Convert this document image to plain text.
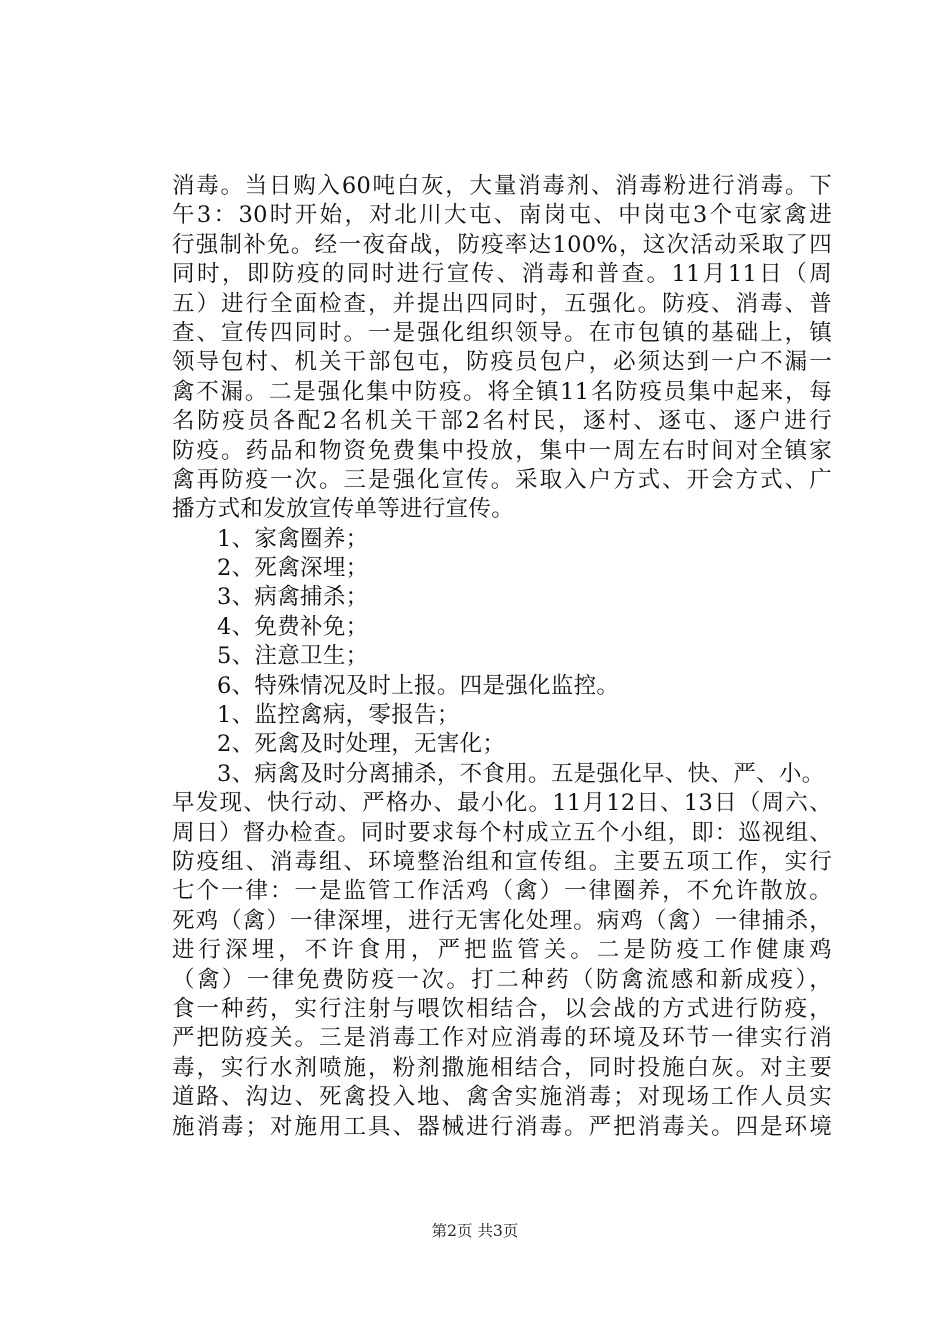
消毒。当日购入60吨白灰，大量消毒剂、消毒粉进行消毒。下
午3：30时开始，对北川大屯、南岗屯、中岗屯3个屯家禽进
行强制补免。经一夜奋战，防疫率达100%，这次活动采取了四
同时，即防疫的同时进行宣传、消毒和普查。11月11日（周
五）进行全面检查，并提出四同时，五强化。防疫、消毒、普
查、宣传四同时。一是强化组织领导。在市包镇的基础上，镇
领导包村、机关干部包屯，防疫员包户，必须达到一户不漏一
禽不漏。二是强化集中防疫。将全镇11名防疫员集中起来，每
名防疫员各配2名机关干部2名村民，逐村、逐屯、逐户进行
防疫。药品和物资免费集中投放，集中一周左右时间对全镇家
禽再防疫一次。三是强化宣传。采取入户方式、开会方式、广
播方式和发放宣传单等进行宣传。
1、家禽圈养；
2、死禽深埋；
3、病禽捕杀；
4、免费补免；
5、注意卫生；
6、特殊情况及时上报。四是强化监控。
1、监控禽病，零报告；
2、死禽及时处理，无害化；
3、病禽及时分离捕杀，不食用。五是强化早、快、严、小。
早发现、快行动、严格办、最小化。11月12日、13日（周六、
周日）督办检查。同时要求每个村成立五个小组，即：巡视组、
防疫组、消毒组、环境整治组和宣传组。主要五项工作，实行
七个一律：一是监管工作活鸡（禽）一律圈养，不允许散放。
死鸡（禽）一律深埋，进行无害化处理。病鸡（禽）一律捕杀，
进行深埋，不许食用，严把监管关。二是防疫工作健康鸡
（禽）一律免费防疫一次。打二种药（防禽流感和新成疫），
食一种药，实行注射与喂饮相结合，以会战的方式进行防疫，
严把防疫关。三是消毒工作对应消毒的环境及环节一律实行消
毒，实行水剂喷施，粉剂撒施相结合，同时投施白灰。对主要
道路、沟边、死禽投入地、禽舍实施消毒；对现场工作人员实
施消毒；对施用工具、器械进行消毒。严把消毒关。四是环境
第2页 共3页
